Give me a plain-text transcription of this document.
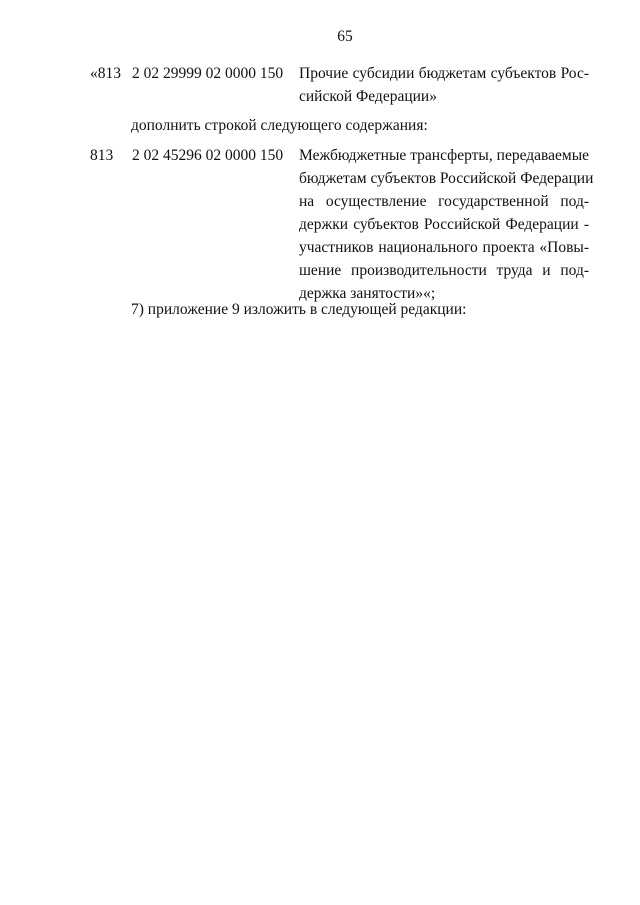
65
«813 2 02 29999 02 0000 150 Прочие субсидии бюджетам субъектов Рос-
сийской Федерации»
дополнить строкой следующего содержания:
813 2 02 45296 02 0000 150 Межбюджетные трансферты, передаваемые
бюджетам субъектов Российской Федерации
на осуществление государственной под-
держки субъектов Российской Федерации -
участников национального проекта «Повы-
шение производительности труда и под-
держка занятости»«;
7) приложение 9 изложить в следующей редакции:
